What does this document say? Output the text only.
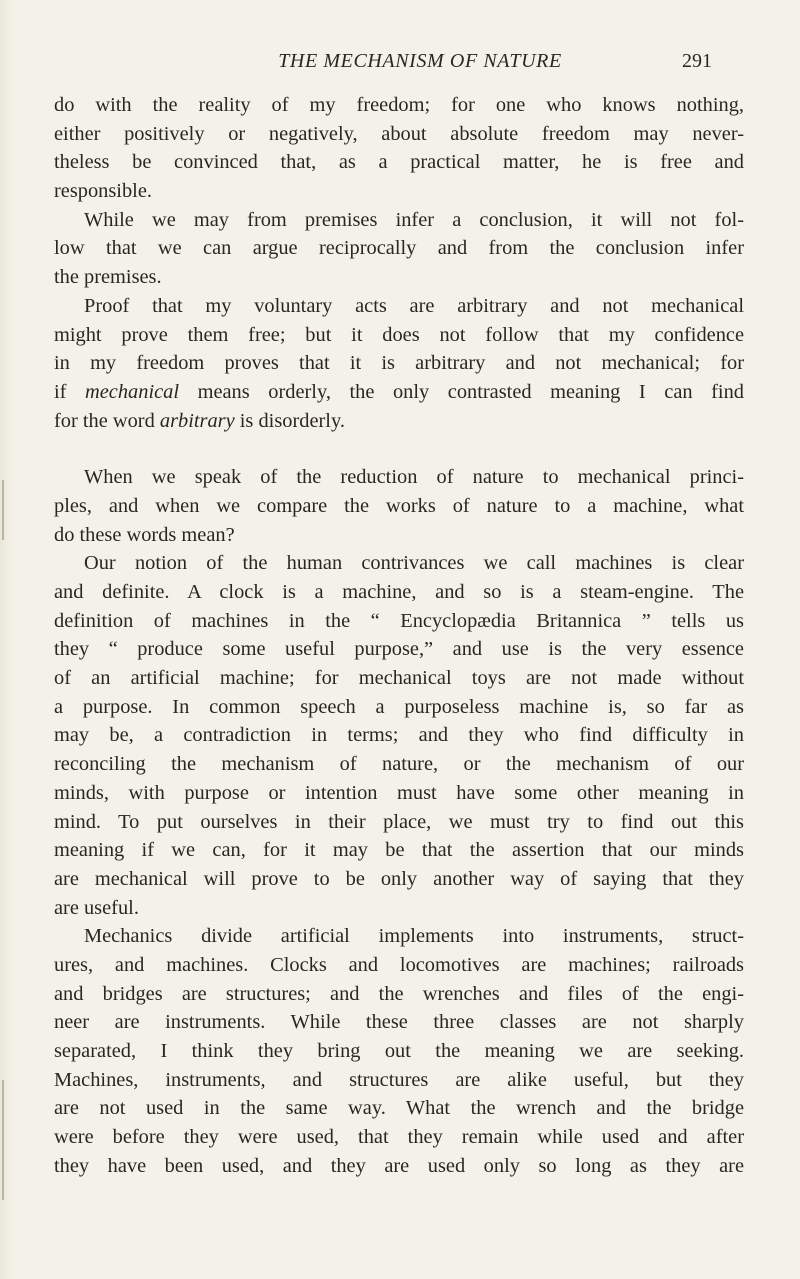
THE MECHANISM OF NATURE	291
do with the reality of my freedom; for one who knows nothing,
either positively or negatively, about absolute freedom may never-
theless be convinced that, as a practical matter, he is free and
responsible.
While we may from premises infer a conclusion, it will not fol-
low that we can argue reciprocally and from the conclusion infer
the premises.
Proof that my voluntary acts are arbitrary and not mechanical
might prove them free; but it does not follow that my confidence
in my freedom proves that it is arbitrary and not mechanical; for
if mechanical means orderly, the only contrasted meaning I can find
for the word arbitrary is disorderly.
When we speak of the reduction of nature to mechanical princi-
ples, and when we compare the works of nature to a machine, what
do these words mean?
Our notion of the human contrivances we call machines is clear
and definite. A clock is a machine, and so is a steam-engine. The
definition of machines in the “ Encyclopædia Britannica ” tells us
they “ produce some useful purpose,” and use is the very essence
of an artificial machine; for mechanical toys are not made without
a purpose. In common speech a purposeless machine is, so far as
may be, a contradiction in terms; and they who find difficulty in
reconciling the mechanism of nature, or the mechanism of our
minds, with purpose or intention must have some other meaning in
mind. To put ourselves in their place, we must try to find out this
meaning if we can, for it may be that the assertion that our minds
are mechanical will prove to be only another way of saying that they
are useful.
Mechanics divide artificial implements into instruments, struct-
ures, and machines. Clocks and locomotives are machines; railroads
and bridges are structures; and the wrenches and files of the engi-
neer are instruments. While these three classes are not sharply
separated, I think they bring out the meaning we are seeking.
Machines, instruments, and structures are alike useful, but they
are not used in the same way. What the wrench and the bridge
were before they were used, that they remain while used and after
they have been used, and they are used only so long as they are
